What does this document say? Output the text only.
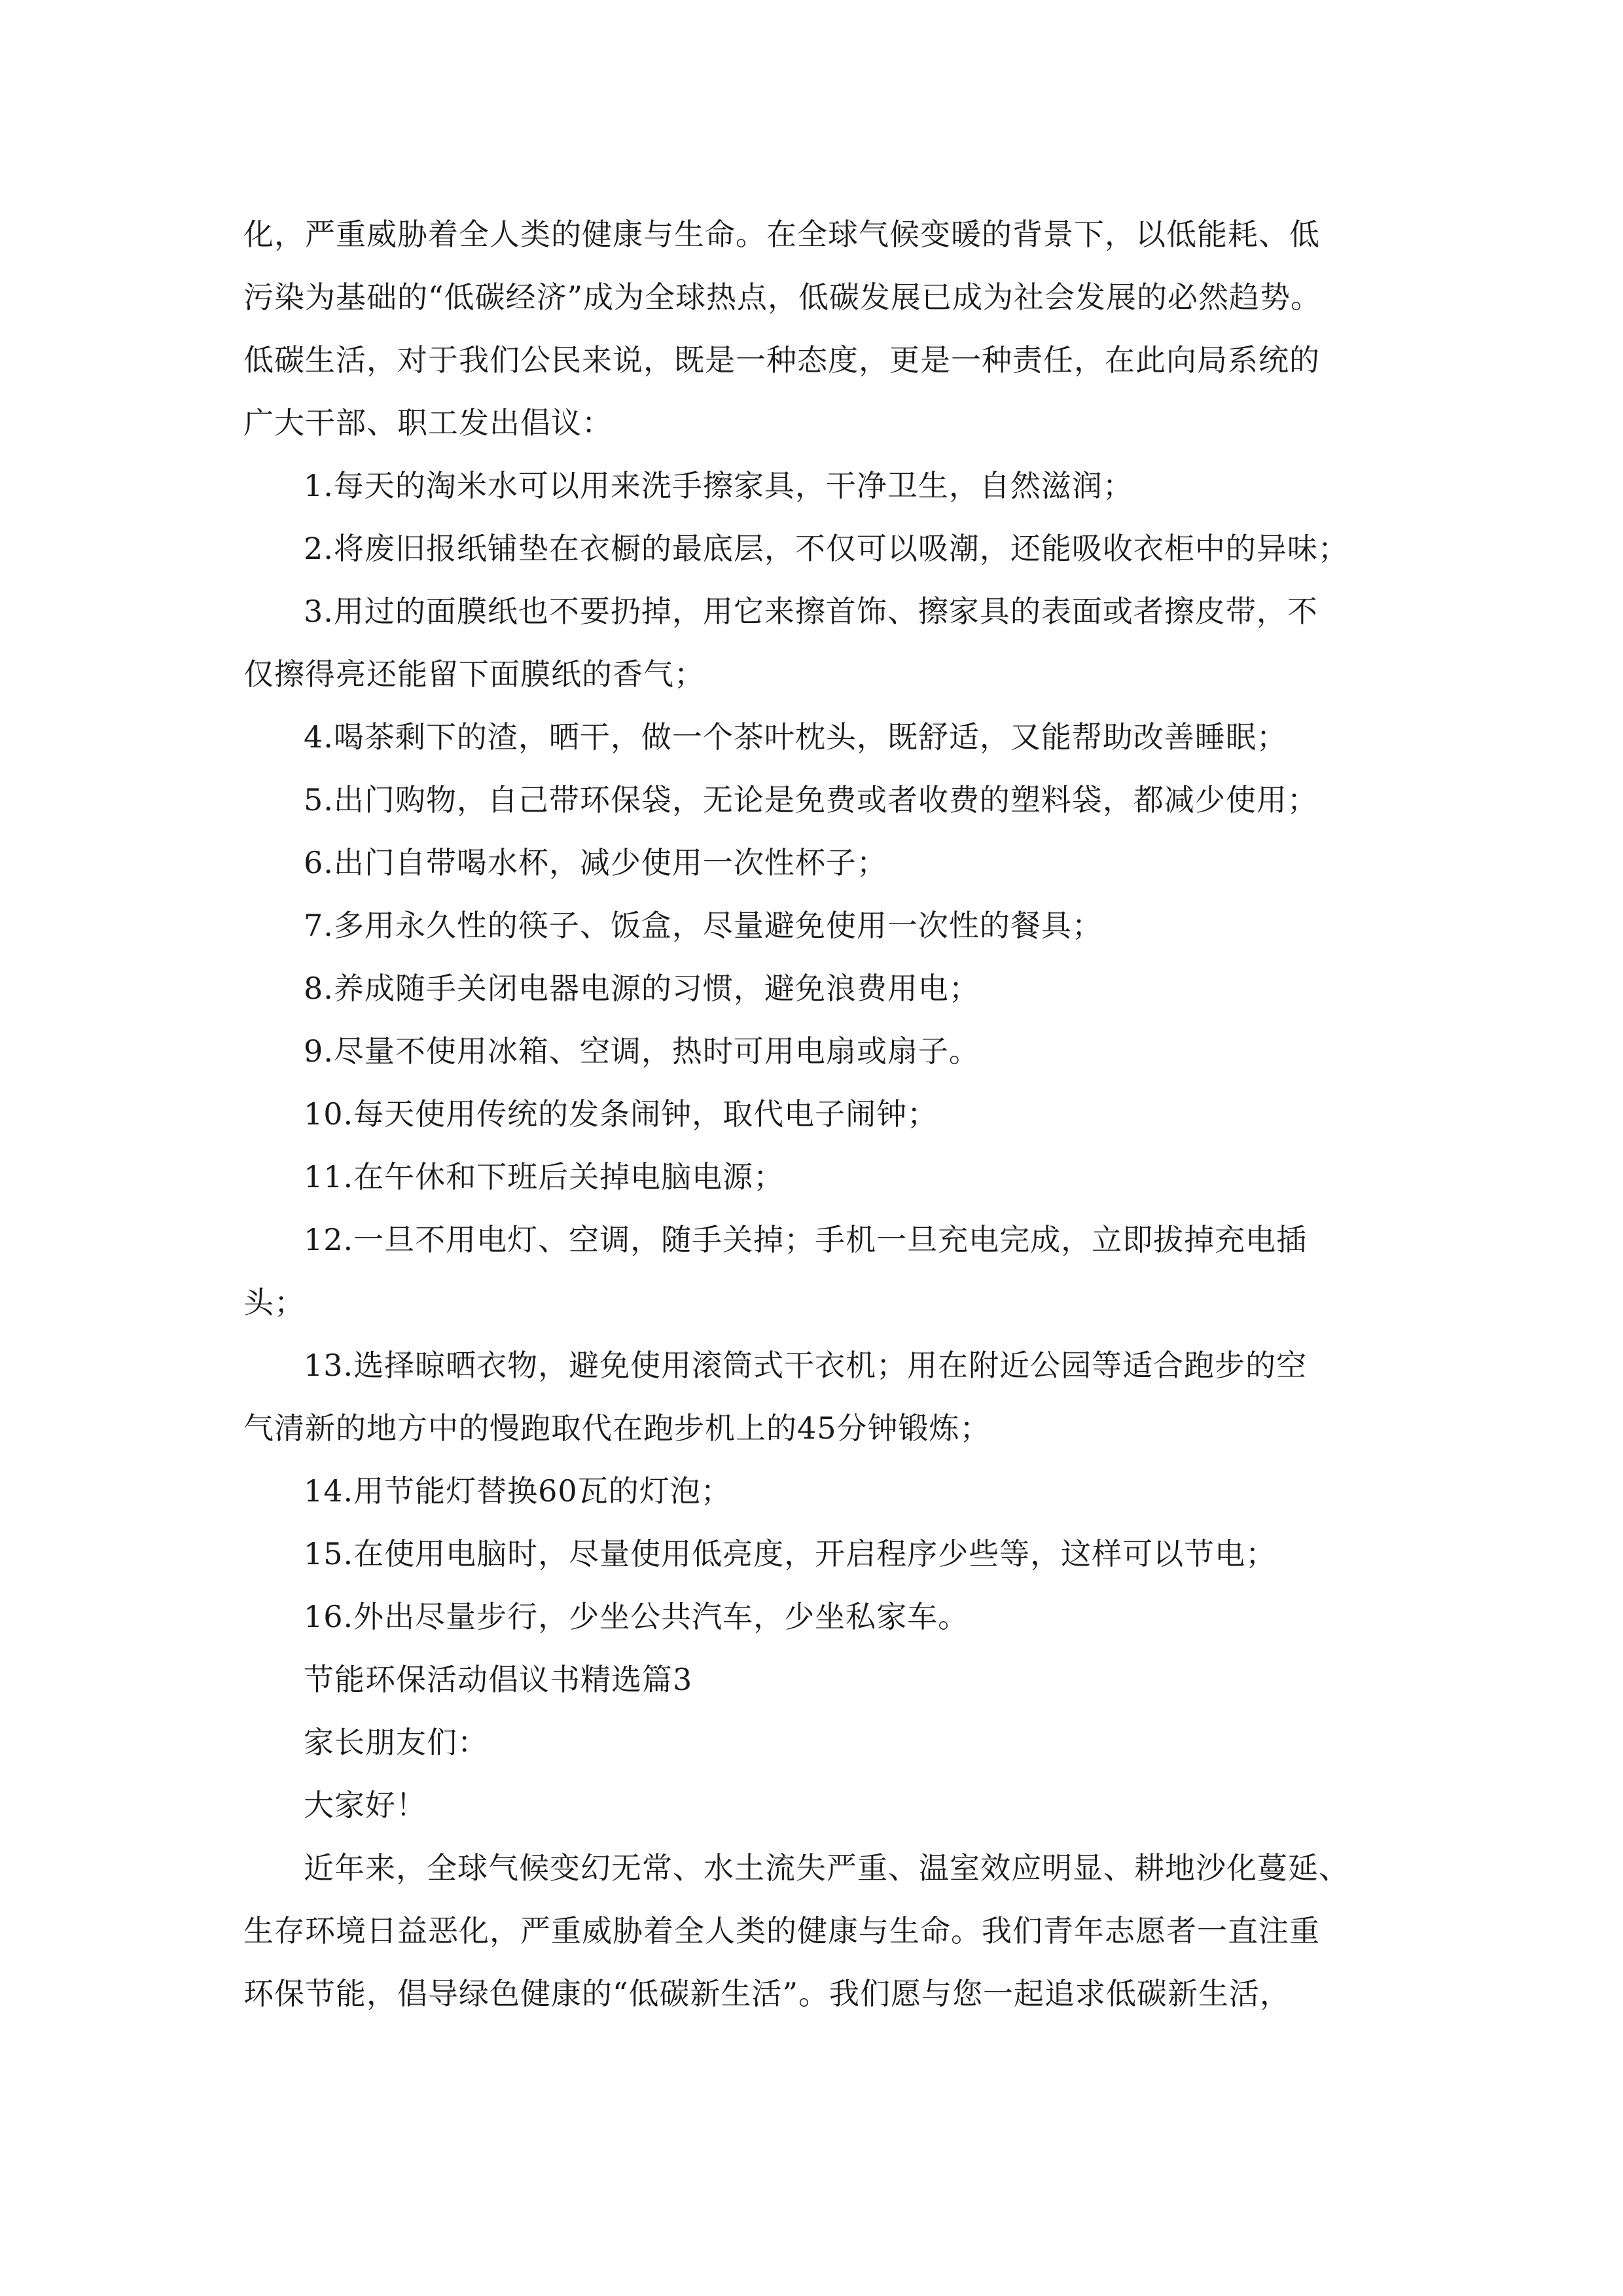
化，严重威胁着全人类的健康与生命。在全球气候变暖的背景下，以低能耗、低
污染为基础的“低碳经济”成为全球热点，低碳发展已成为社会发展的必然趋势。
低碳生活，对于我们公民来说，既是一种态度，更是一种责任，在此向局系统的
广大干部、职工发出倡议：
1.每天的淘米水可以用来洗手擦家具，干净卫生，自然滋润；
2.将废旧报纸铺垫在衣橱的最底层，不仅可以吸潮，还能吸收衣柜中的异味；
3.用过的面膜纸也不要扔掉，用它来擦首饰、擦家具的表面或者擦皮带，不
仅擦得亮还能留下面膜纸的香气；
4.喝茶剩下的渣，晒干，做一个茶叶枕头，既舒适，又能帮助改善睡眠；
5.出门购物，自己带环保袋，无论是免费或者收费的塑料袋，都减少使用；
6.出门自带喝水杯，减少使用一次性杯子；
7.多用永久性的筷子、饭盒，尽量避免使用一次性的餐具；
8.养成随手关闭电器电源的习惯，避免浪费用电；
9.尽量不使用冰箱、空调，热时可用电扇或扇子。
10.每天使用传统的发条闹钟，取代电子闹钟；
11.在午休和下班后关掉电脑电源；
12.一旦不用电灯、空调，随手关掉；手机一旦充电完成，立即拔掉充电插
头；
13.选择晾晒衣物，避免使用滚筒式干衣机；用在附近公园等适合跑步的空
气清新的地方中的慢跑取代在跑步机上的45分钟锻炼；
14.用节能灯替换60瓦的灯泡；
15.在使用电脑时，尽量使用低亮度，开启程序少些等，这样可以节电；
16.外出尽量步行，少坐公共汽车，少坐私家车。
节能环保活动倡议书精选篇3
家长朋友们：
大家好！
近年来，全球气候变幻无常、水土流失严重、温室效应明显、耕地沙化蔓延、
生存环境日益恶化，严重威胁着全人类的健康与生命。我们青年志愿者一直注重
环保节能，倡导绿色健康的“低碳新生活”。我们愿与您一起追求低碳新生活，
